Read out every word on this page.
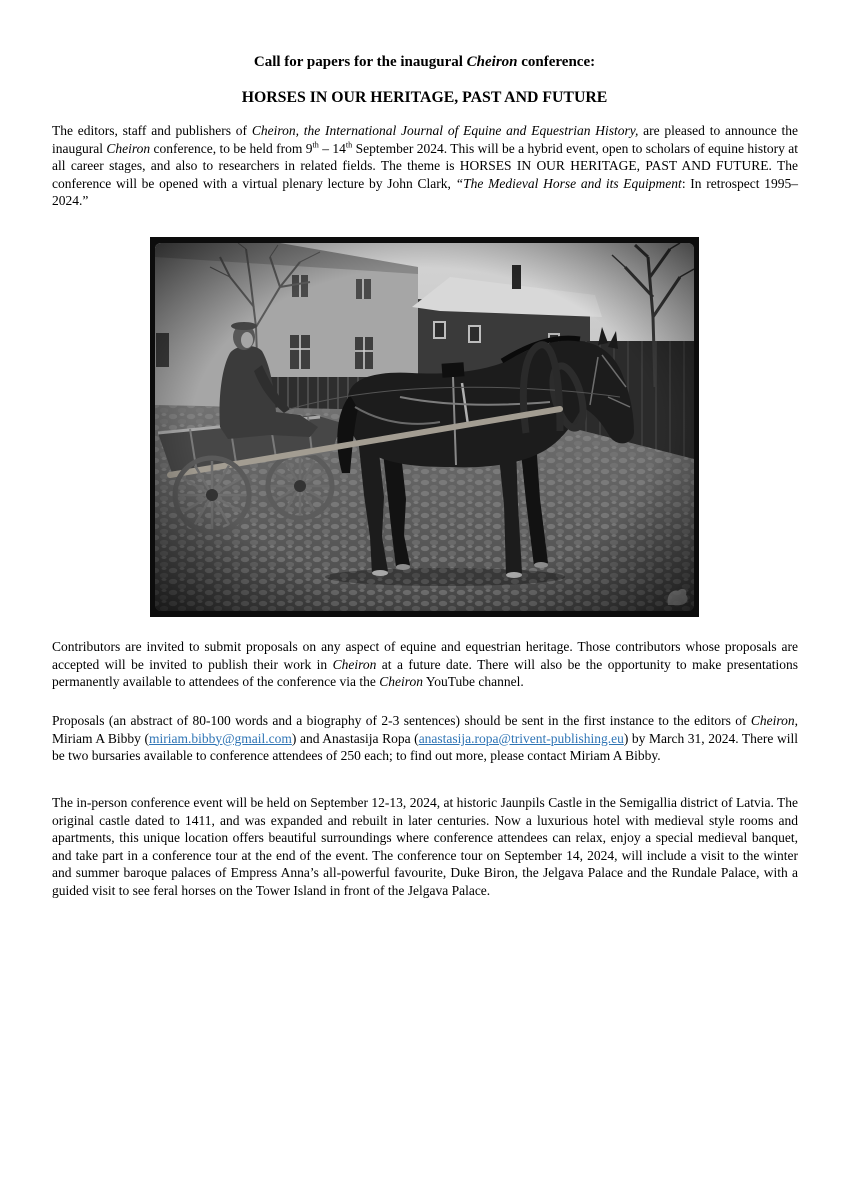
Call for papers for the inaugural Cheiron conference:
HORSES IN OUR HERITAGE, PAST AND FUTURE

The editors, staff and publishers of Cheiron, the International Journal of Equine and Equestrian History, are pleased to announce the inaugural Cheiron conference, to be held from 9th – 14th September 2024. This will be a hybrid event, open to scholars of equine history at all career stages, and also to researchers in related fields. The theme is HORSES IN OUR HERITAGE, PAST AND FUTURE. The conference will be opened with a virtual plenary lecture by John Clark, “The Medieval Horse and its Equipment: In retrospect 1995–2024.”

Contributors are invited to submit proposals on any aspect of equine and equestrian heritage. Those contributors whose proposals are accepted will be invited to publish their work in Cheiron at a future date. There will also be the opportunity to make presentations permanently available to attendees of the conference via the Cheiron YouTube channel.

Proposals (an abstract of 80-100 words and a biography of 2-3 sentences) should be sent in the first instance to the editors of Cheiron, Miriam A Bibby (miriam.bibby@gmail.com) and Anastasija Ropa (anastasija.ropa@trivent-publishing.eu) by March 31, 2024. There will be two bursaries available to conference attendees of 250 each; to find out more, please contact Miriam A Bibby.

The in-person conference event will be held on September 12-13, 2024, at historic Jaunpils Castle in the Semigallia district of Latvia. The original castle dated to 1411, and was expanded and rebuilt in later centuries. Now a luxurious hotel with medieval style rooms and apartments, this unique location offers beautiful surroundings where conference attendees can relax, enjoy a special medieval banquet, and take part in a conference tour at the end of the event. The conference tour on September 14, 2024, will include a visit to the winter and summer baroque palaces of Empress Anna’s all-powerful favourite, Duke Biron, the Jelgava Palace and the Rundale Palace, with a guided visit to see feral horses on the Tower Island in front of the Jelgava Palace.
